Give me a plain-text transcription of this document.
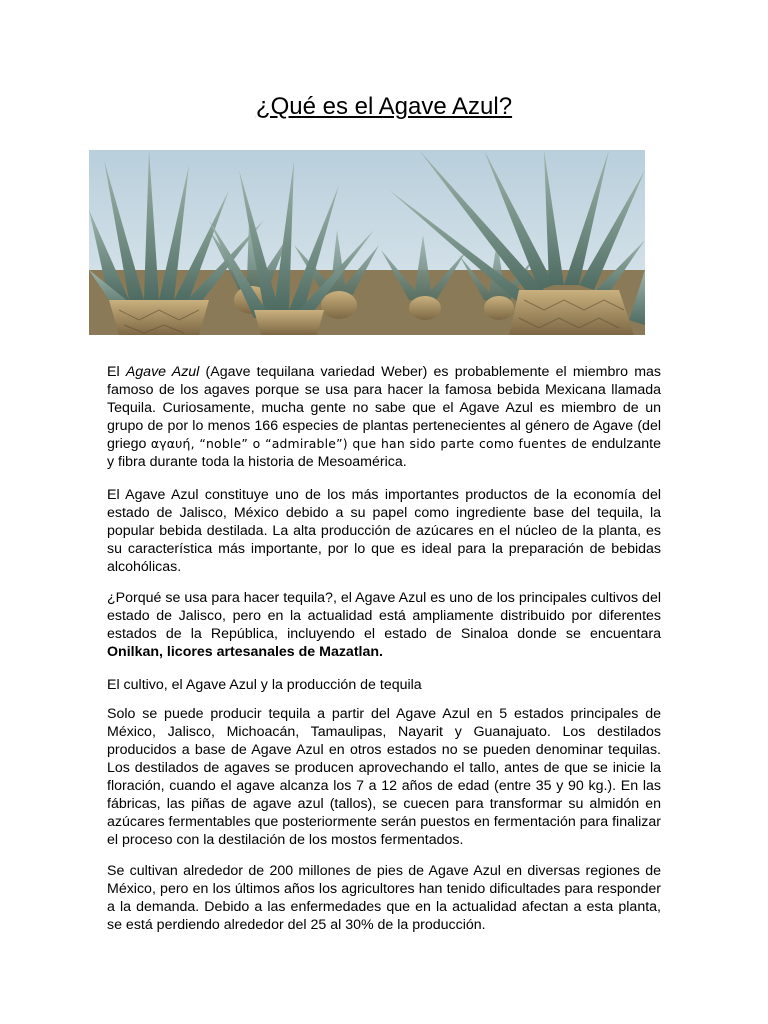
¿Qué es el Agave Azul?

El Agave Azul (Agave tequilana variedad Weber) es probablemente el miembro mas famoso de los agaves porque se usa para hacer la famosa bebida Mexicana llamada Tequila. Curiosamente, mucha gente no sabe que el Agave Azul es miembro de un grupo de por lo menos 166 especies de plantas pertenecientes al género de Agave (del griego αγαυή, “noble” o “admirable”) que han sido parte como fuentes de endulzante y fibra durante toda la historia de Mesoamérica.

El Agave Azul constituye uno de los más importantes productos de la economía del estado de Jalisco, México debido a su papel como ingrediente base del tequila, la popular bebida destilada. La alta producción de azúcares en el núcleo de la planta, es su característica más importante, por lo que es ideal para la preparación de bebidas alcohólicas.

¿Porqué se usa para hacer tequila?, el Agave Azul es uno de los principales cultivos del estado de Jalisco, pero en la actualidad está ampliamente distribuido por diferentes estados de la República, incluyendo el estado de Sinaloa donde se encuentara Onilkan, licores artesanales de Mazatlan.

El cultivo, el Agave Azul y la producción de tequila

Solo se puede producir tequila a partir del Agave Azul en 5 estados principales de México, Jalisco, Michoacán, Tamaulipas, Nayarit y Guanajuato. Los destilados producidos a base de Agave Azul en otros estados no se pueden denominar tequilas. Los destilados de agaves se producen aprovechando el tallo, antes de que se inicie la floración, cuando el agave alcanza los 7 a 12 años de edad (entre 35 y 90 kg.). En las fábricas, las piñas de agave azul (tallos), se cuecen para transformar su almidón en azúcares fermentables que posteriormente serán puestos en fermentación para finalizar el proceso con la destilación de los mostos fermentados.

Se cultivan alrededor de 200 millones de pies de Agave Azul en diversas regiones de México, pero en los últimos años los agricultores han tenido dificultades para responder a la demanda. Debido a las enfermedades que en la actualidad afectan a esta planta, se está perdiendo alrededor del 25 al 30% de la producción.
